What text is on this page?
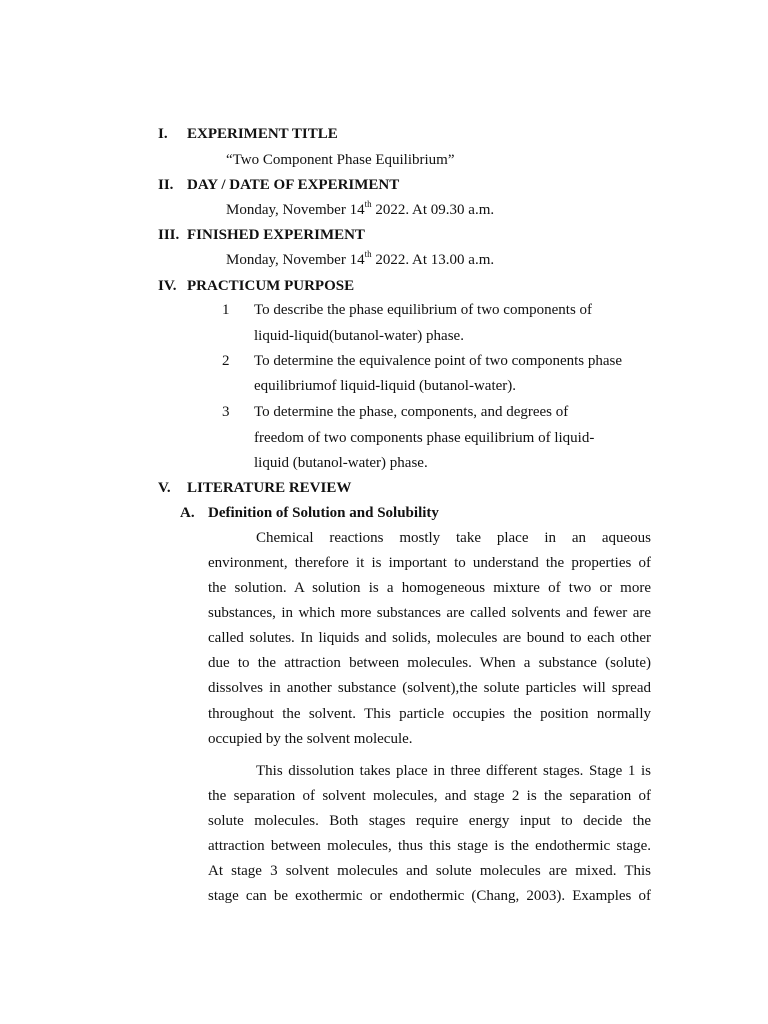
I. EXPERIMENT TITLE
“Two Component Phase Equilibrium”
II. DAY / DATE OF EXPERIMENT
Monday, November 14th 2022. At 09.30 a.m.
III. FINISHED EXPERIMENT
Monday, November 14th 2022. At 13.00 a.m.
IV. PRACTICUM PURPOSE
1 To describe the phase equilibrium of two components of
liquid-liquid(butanol-water) phase.
2 To determine the equivalence point of two components phase
equilibriumof liquid-liquid (butanol-water).
3 To determine the phase, components, and degrees of
freedom of two components phase equilibrium of liquid-
liquid (butanol-water) phase.
V. LITERATURE REVIEW
A. Definition of Solution and Solubility
Chemical reactions mostly take place in an aqueous
environment, therefore it is important to understand the properties of
the solution. A solution is a homogeneous mixture of two or more
substances, in which more substances are called solvents and fewer are
called solutes. In liquids and solids, molecules are bound to each other
due to the attraction between molecules. When a substance (solute)
dissolves in another substance (solvent),the solute particles will spread
throughout the solvent. This particle occupies the position normally
occupied by the solvent molecule.
This dissolution takes place in three different stages. Stage 1 is
the separation of solvent molecules, and stage 2 is the separation of
solute molecules. Both stages require energy input to decide the
attraction between molecules, thus this stage is the endothermic stage.
At stage 3 solvent molecules and solute molecules are mixed. This
stage can be exothermic or endothermic (Chang, 2003). Examples of
